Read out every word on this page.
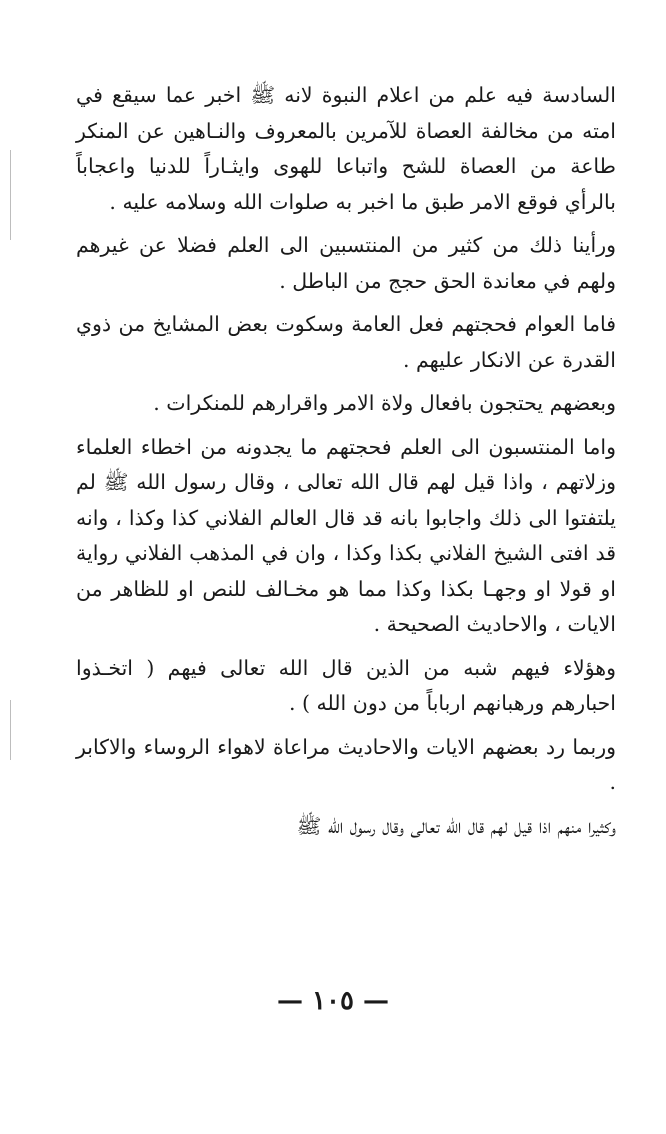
السادسة فيه علم من اعلام النبوة لانه ﷺ اخبر عما سيقع في امته من مخالفة العصاة للآمرين بالمعروف والنـاهين عن المنكر طاعة من العصاة للشح واتباعا للهوى وايثـاراً للدنيا واعجاباً بالرأي فوقع الامر طبق ما اخبر به صلوات الله وسلامه عليه .

ورأينا ذلك من كثير من المنتسبين الى العلم فضلا عن غيرهم ولهم في معاندة الحق حجج من الباطل .

فاما العوام فحجتهم فعل العامة وسكوت بعض المشايخ من ذوي القدرة عن الانكار عليهم .

وبعضهم يحتجون بافعال ولاة الامر واقرارهم للمنكرات .

واما المنتسبون الى العلم فحجتهم ما يجدونه من اخطاء العلماء وزلاتهم ، واذا قيل لهم قال الله تعالى ، وقال رسول الله ﷺ لم يلتفتوا الى ذلك واجابوا بانه قد قال العالم الفلاني كذا وكذا ، وانه قد افتى الشيخ الفلاني بكذا وكذا ، وان في المذهب الفلاني رواية او قولا او وجهـا بكذا وكذا مما هو مخـالف للنص او للظاهر من الايات ، والاحاديث الصحيحة .

وهؤلاء فيهم شبه من الذين قال الله تعالى فيهم ( اتخـذوا احبارهم ورهبانهم ارباباً من دون الله ) .

وربما رد بعضهم الايات والاحاديث مراعاة لاهواء الروساء والاكابر .

وكثيرا منهم اذا قيل لهم قال الله تعالى وقال رسول الله ﷺ

— ١٠٥ —
